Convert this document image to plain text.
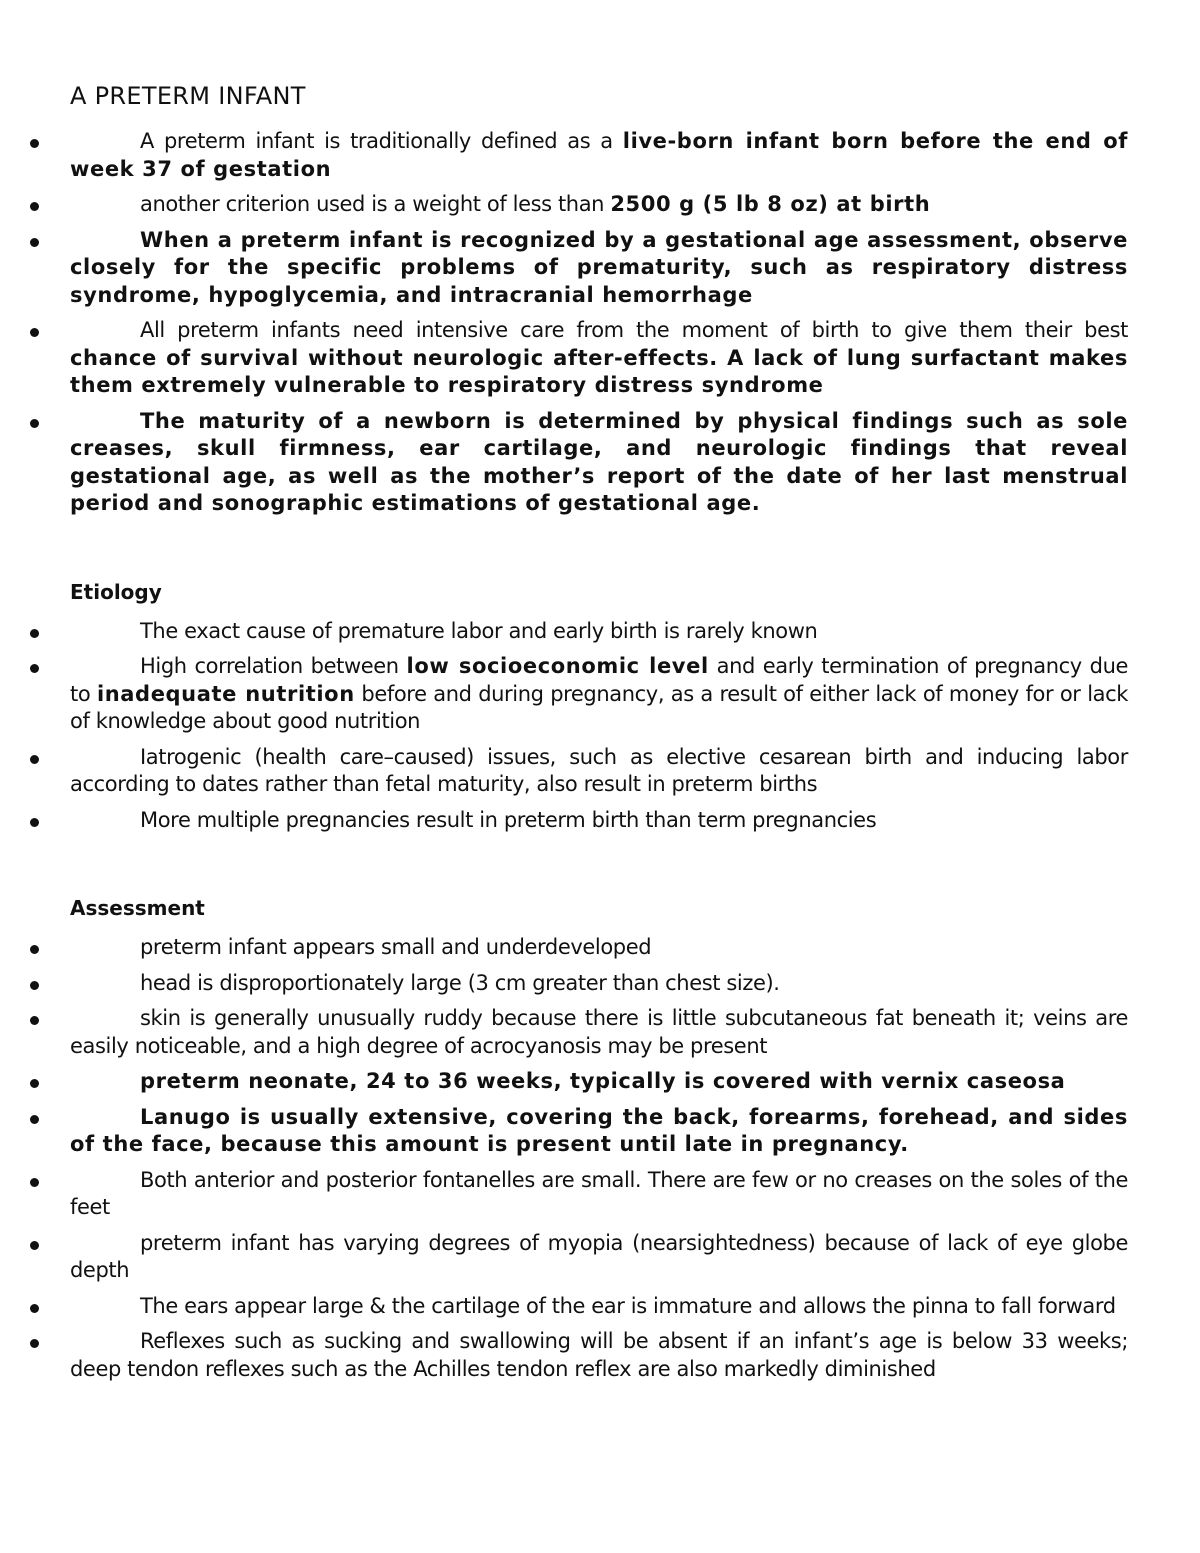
A PRETERM INFANT
A preterm infant is traditionally defined as a live-born infant born before the end of week 37 of gestation
another criterion used is a weight of less than 2500 g (5 lb 8 oz) at birth
When a preterm infant is recognized by a gestational age assessment, observe closely for the specific problems of prematurity, such as respiratory distress syndrome, hypoglycemia, and intracranial hemorrhage
All preterm infants need intensive care from the moment of birth to give them their best chance of survival without neurologic after-effects. A lack of lung surfactant makes them extremely vulnerable to respiratory distress syndrome
The maturity of a newborn is determined by physical findings such as sole creases, skull firmness, ear cartilage, and neurologic findings that reveal gestational age, as well as the mother’s report of the date of her last menstrual period and sonographic estimations of gestational age.
Etiology
The exact cause of premature labor and early birth is rarely known
High correlation between low socioeconomic level and early termination of pregnancy due to inadequate nutrition before and during pregnancy, as a result of either lack of money for or lack of knowledge about good nutrition
Iatrogenic (health care–caused) issues, such as elective cesarean birth and inducing labor according to dates rather than fetal maturity, also result in preterm births
More multiple pregnancies result in preterm birth than term pregnancies
Assessment
preterm infant appears small and underdeveloped
head is disproportionately large (3 cm greater than chest size).
skin is generally unusually ruddy because there is little subcutaneous fat beneath it; veins are easily noticeable, and a high degree of acrocyanosis may be present
preterm neonate, 24 to 36 weeks, typically is covered with vernix caseosa
Lanugo is usually extensive, covering the back, forearms, forehead, and sides of the face, because this amount is present until late in pregnancy.
Both anterior and posterior fontanelles are small. There are few or no creases on the soles of the feet
preterm infant has varying degrees of myopia (nearsightedness) because of lack of eye globe depth
The ears appear large & the cartilage of the ear is immature and allows the pinna to fall forward
Reflexes such as sucking and swallowing will be absent if an infant’s age is below 33 weeks; deep tendon reflexes such as the Achilles tendon reflex are also markedly diminished
